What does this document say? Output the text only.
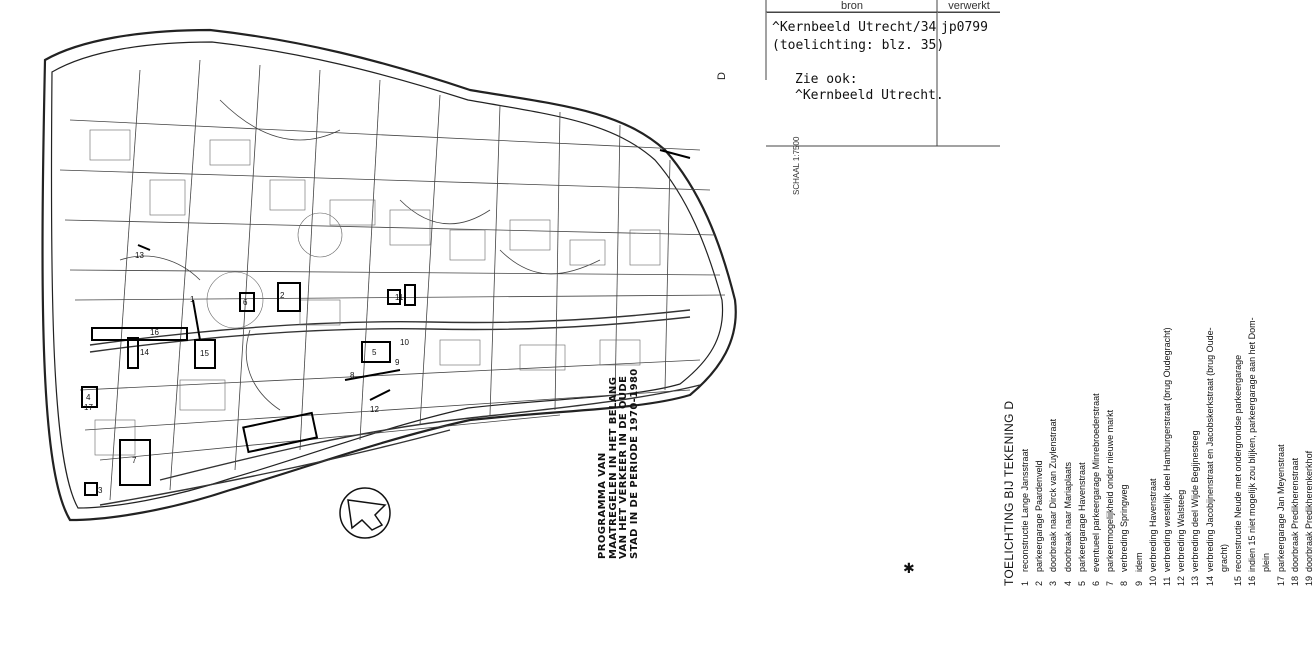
1	2
3
4
5
6
7
8
9
10
11
12
13
14	15
16
17
bron	verwerkt
^Kernbeeld Utrecht/34
(toelichting: blz. 35)
jp0799
Zie ook:
^Kernbeeld Utrecht.
D
SCHAAL 1:7500
PROGRAMMA VAN MAATREGELEN IN HET BELANG VAN HET VERKEER IN DE OUDE STAD IN DE PERIODE 1970-1980
✱	TOELICHTING BIJ TEKENING D 1reconstructie Lange Jansstraat
2parkeergarage Paardenveld
3doorbraak naar Dirck van Zuylenstraat
4doorbraak naar Mariaplaats
5parkeergarage Havenstraat
6eventueel parkeergarage Minrebroederstraat
7parkeermogelijkheid onder nieuwe markt
8verbreding Springweg
9idem
10verbreding Havenstraat
11verbreding westelijk deel Hamburgerstraat (brug Oudegracht)
12verbreding Walsteeg
13verbreding deel Wijde Begijnesteeg
14verbreding Jacobijnenstraat en Jacobskerkstraat (brug Oude- gracht)
15reconstructie Neude met ondergrondse parkeergarage
16indien 15 niet mogelijk zou blijken, parkeergarage aan het Dom- plein
17parkeergarage Jan Meyenstraat
18doorbraak Predikherenstraat
19doorbraak Predikherenkerkhof
